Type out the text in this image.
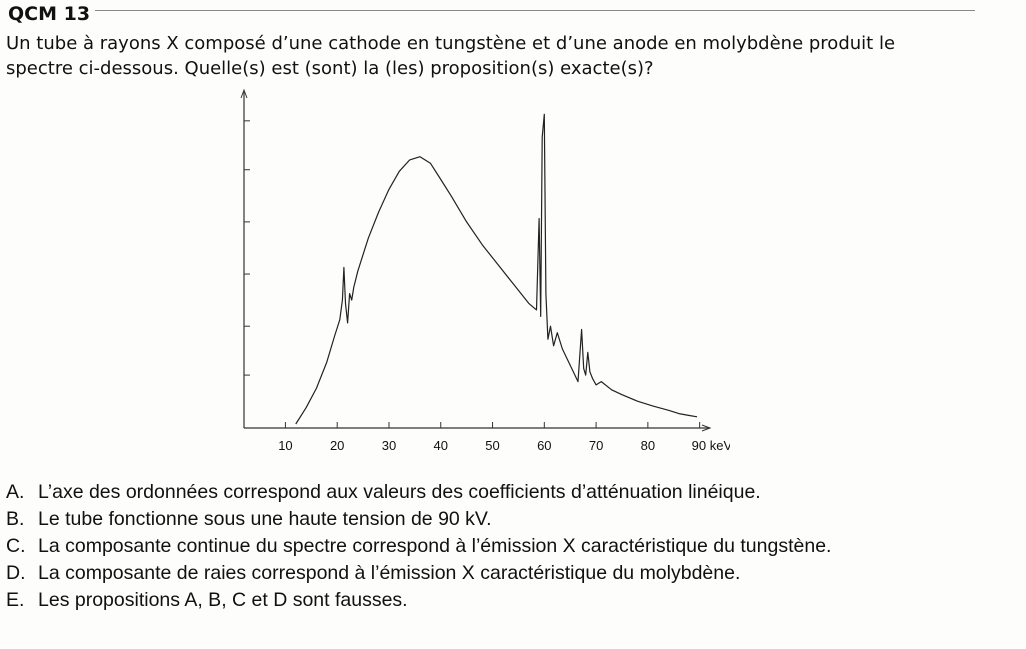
QCM 13
Un tube à rayons X composé d’une cathode en tungstène et d’une anode en molybdène produit le
spectre ci-dessous. Quelle(s) est (sont) la (les) proposition(s) exacte(s)?
10	20	30	40	50	60	70	80	90 keV
A. L’axe des ordonnées correspond aux valeurs des coefficients d’atténuation linéique.
B. Le tube fonctionne sous une haute tension de 90 kV.
C. La composante continue du spectre correspond à l’émission X caractéristique du tungstène.
D. La composante de raies correspond à l’émission X caractéristique du molybdène.
E. Les propositions A, B, C et D sont fausses.
